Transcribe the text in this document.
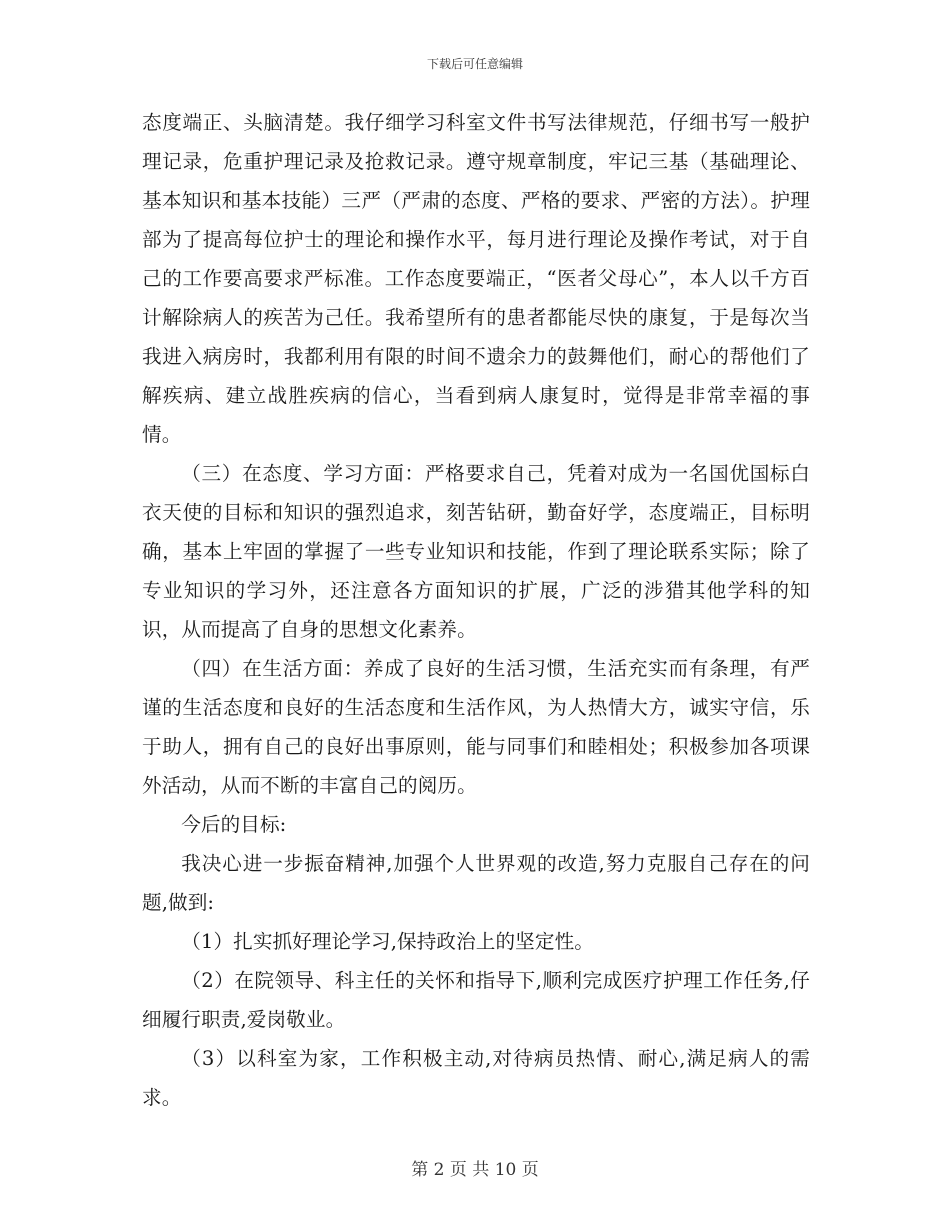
下载后可任意编辑

态度端正、头脑清楚。我仔细学习科室文件书写法律规范，仔细书写一般护理记录，危重护理记录及抢救记录。遵守规章制度，牢记三基（基础理论、基本知识和基本技能）三严（严肃的态度、严格的要求、严密的方法）。护理部为了提高每位护士的理论和操作水平，每月进行理论及操作考试，对于自己的工作要高要求严标准。工作态度要端正，“医者父母心”，本人以千方百计解除病人的疾苦为己任。我希望所有的患者都能尽快的康复，于是每次当我进入病房时，我都利用有限的时间不遗余力的鼓舞他们，耐心的帮他们了解疾病、建立战胜疾病的信心，当看到病人康复时，觉得是非常幸福的事情。

（三）在态度、学习方面：严格要求自己，凭着对成为一名国优国标白衣天使的目标和知识的强烈追求，刻苦钻研，勤奋好学，态度端正，目标明确，基本上牢固的掌握了一些专业知识和技能，作到了理论联系实际；除了专业知识的学习外，还注意各方面知识的扩展，广泛的涉猎其他学科的知识，从而提高了自身的思想文化素养。

（四）在生活方面：养成了良好的生活习惯，生活充实而有条理，有严谨的生活态度和良好的生活态度和生活作风，为人热情大方，诚实守信，乐于助人，拥有自己的良好出事原则，能与同事们和睦相处；积极参加各项课外活动，从而不断的丰富自己的阅历。

今后的目标:

我决心进一步振奋精神,加强个人世界观的改造,努力克服自己存在的问题,做到:

（1）扎实抓好理论学习,保持政治上的坚定性。

（2）在院领导、科主任的关怀和指导下,顺利完成医疗护理工作任务,仔细履行职责,爱岗敬业。

（3）以科室为家，工作积极主动,对待病员热情、耐心,满足病人的需求。

第 2 页 共 10 页
